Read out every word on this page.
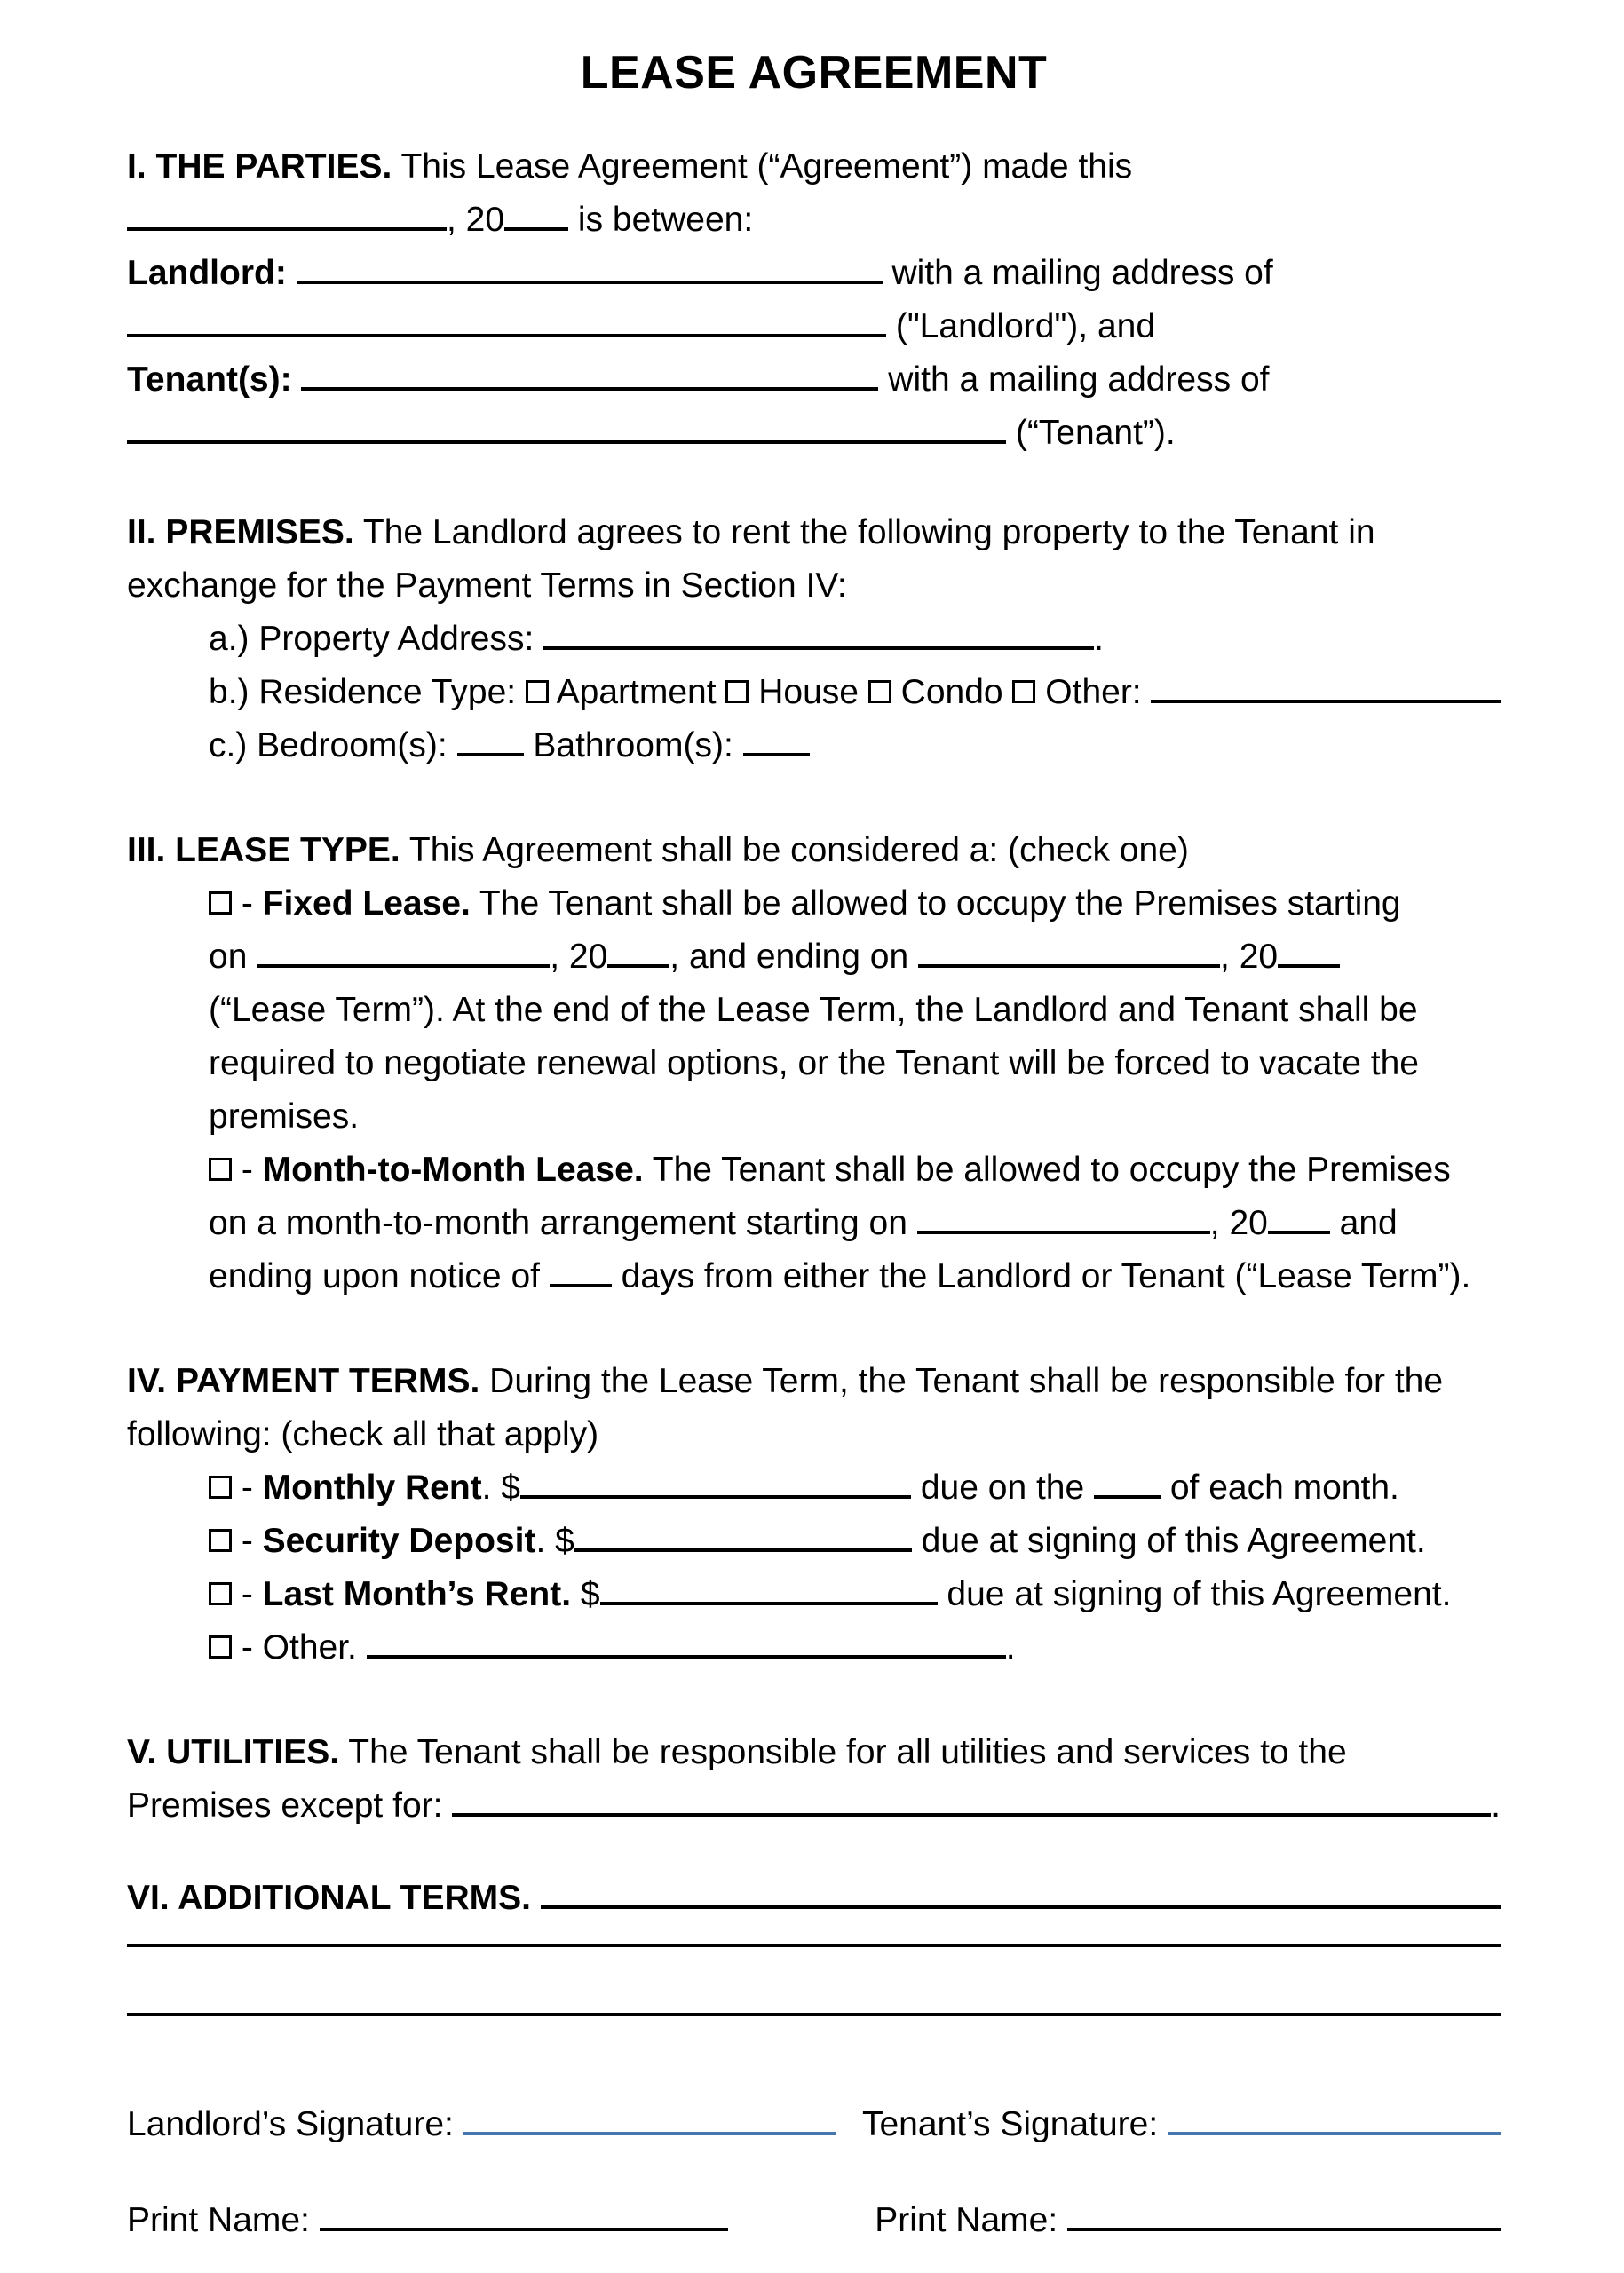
LEASE AGREEMENT
I. THE PARTIES. This Lease Agreement (“Agreement”) made this
, 20 is between:
Landlord:	with a mailing address of
("Landlord"), and
Tenant(s):	with a mailing address of
(“Tenant”).
II. PREMISES. The Landlord agrees to rent the following property to the Tenant in
exchange for the Payment Terms in Section IV:
a.) Property Address:	.
b.) Residence Type: Apartment House Condo Other:
c.) Bedroom(s): Bathroom(s):
III. LEASE TYPE. This Agreement shall be considered a: (check one)
- Fixed Lease. The Tenant shall be allowed to occupy the Premises starting
on	, 20 , and ending on	, 20
(“Lease Term”). At the end of the Lease Term, the Landlord and Tenant shall be
required to negotiate renewal options, or the Tenant will be forced to vacate the
premises.
- Month-to-Month Lease. The Tenant shall be allowed to occupy the Premises
on a month-to-month arrangement starting on	, 20 and
ending upon notice of days from either the Landlord or Tenant (“Lease Term”).
IV. PAYMENT TERMS. During the Lease Term, the Tenant shall be responsible for the
following: (check all that apply)
- Monthly Rent . $	due on the of each month.
- Security Deposit . $	due at signing of this Agreement.
- Last Month’s Rent. $	due at signing of this Agreement.
- Other.	.
V. UTILITIES. The Tenant shall be responsible for all utilities and services to the
Premises except for:	.
VI. ADDITIONAL TERMS.

Landlord’s Signature:	Tenant’s Signature:
Print Name:	Print Name:
